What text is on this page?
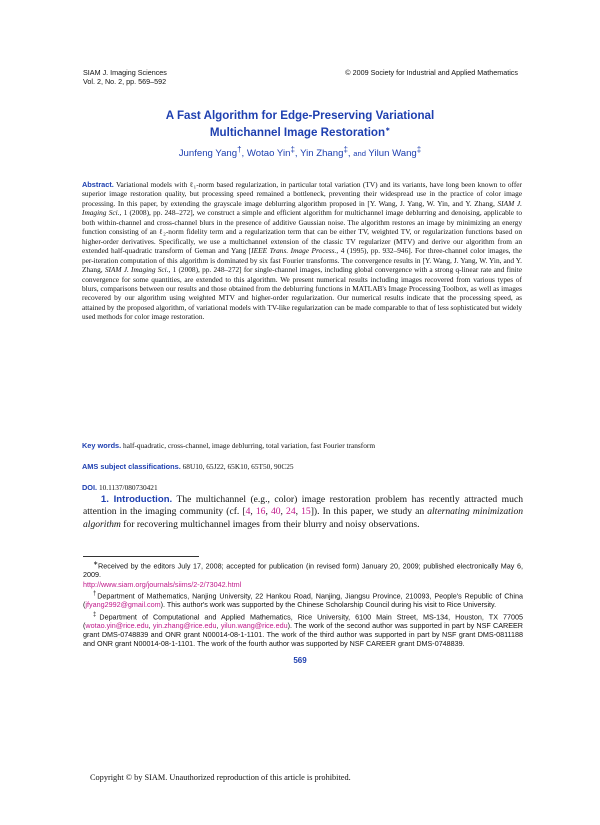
SIAM J. Imaging Sciences
Vol. 2, No. 2, pp. 569–592
© 2009 Society for Industrial and Applied Mathematics
A Fast Algorithm for Edge-Preserving Variational
Multichannel Image Restoration∗
Junfeng Yang†, Wotao Yin‡, Yin Zhang‡, and Yilun Wang‡
Abstract. Variational models with ℓ₁-norm based regularization, in particular total variation (TV) and its variants, have long been known to offer superior image restoration quality, but processing speed remained a bottleneck, preventing their widespread use in the practice of color image processing. In this paper, by extending the grayscale image deblurring algorithm proposed in [Y. Wang, J. Yang, W. Yin, and Y. Zhang, SIAM J. Imaging Sci., 1 (2008), pp. 248–272], we construct a simple and efficient algorithm for multichannel image deblurring and denoising, applicable to both within-channel and cross-channel blurs in the presence of additive Gaussian noise. The algorithm restores an image by minimizing an energy function consisting of an ℓ₂-norm fidelity term and a regularization term that can be either TV, weighted TV, or regularization functions based on higher-order derivatives. Specifically, we use a multichannel extension of the classic TV regularizer (MTV) and derive our algorithm from an extended half-quadratic transform of Geman and Yang [IEEE Trans. Image Process., 4 (1995), pp. 932–946]. For three-channel color images, the per-iteration computation of this algorithm is dominated by six fast Fourier transforms. The convergence results in [Y. Wang, J. Yang, W. Yin, and Y. Zhang, SIAM J. Imaging Sci., 1 (2008), pp. 248–272] for single-channel images, including global convergence with a strong q-linear rate and finite convergence for some quantities, are extended to this algorithm. We present numerical results including images recovered from various types of blurs, comparisons between our results and those obtained from the deblurring functions in MATLAB's Image Processing Toolbox, as well as images recovered by our algorithm using weighted MTV and higher-order regularization. Our numerical results indicate that the processing speed, as attained by the proposed algorithm, of variational models with TV-like regularization can be made comparable to that of less sophisticated but widely used methods for color image restoration.
Key words. half-quadratic, cross-channel, image deblurring, total variation, fast Fourier transform
AMS subject classifications. 68U10, 65J22, 65K10, 65T50, 90C25
DOI. 10.1137/080730421
1. Introduction. The multichannel (e.g., color) image restoration problem has recently attracted much attention in the imaging community (cf. [4, 16, 40, 24, 15]). In this paper, we study an alternating minimization algorithm for recovering multichannel images from their blurry and noisy observations.

∗Received by the editors July 17, 2008; accepted for publication (in revised form) January 20, 2009; published electronically May 6, 2009.
http://www.siam.org/journals/siims/2-2/73042.html

†Department of Mathematics, Nanjing University, 22 Hankou Road, Nanjing, Jiangsu Province, 210093, People's Republic of China (jfyang2992@gmail.com). This author's work was supported by the Chinese Scholarship Council during his visit to Rice University.

‡Department of Computational and Applied Mathematics, Rice University, 6100 Main Street, MS-134, Houston, TX 77005 (wotao.yin@rice.edu, yin.zhang@rice.edu, yilun.wang@rice.edu). The work of the second author was supported in part by NSF CAREER grant DMS-0748839 and ONR grant N00014-08-1-1101. The work of the third author was supported in part by NSF grant DMS-0811188 and ONR grant N00014-08-1-1101. The work of the fourth author was supported by NSF CAREER grant DMS-0748839.

569
Copyright © by SIAM. Unauthorized reproduction of this article is prohibited.
